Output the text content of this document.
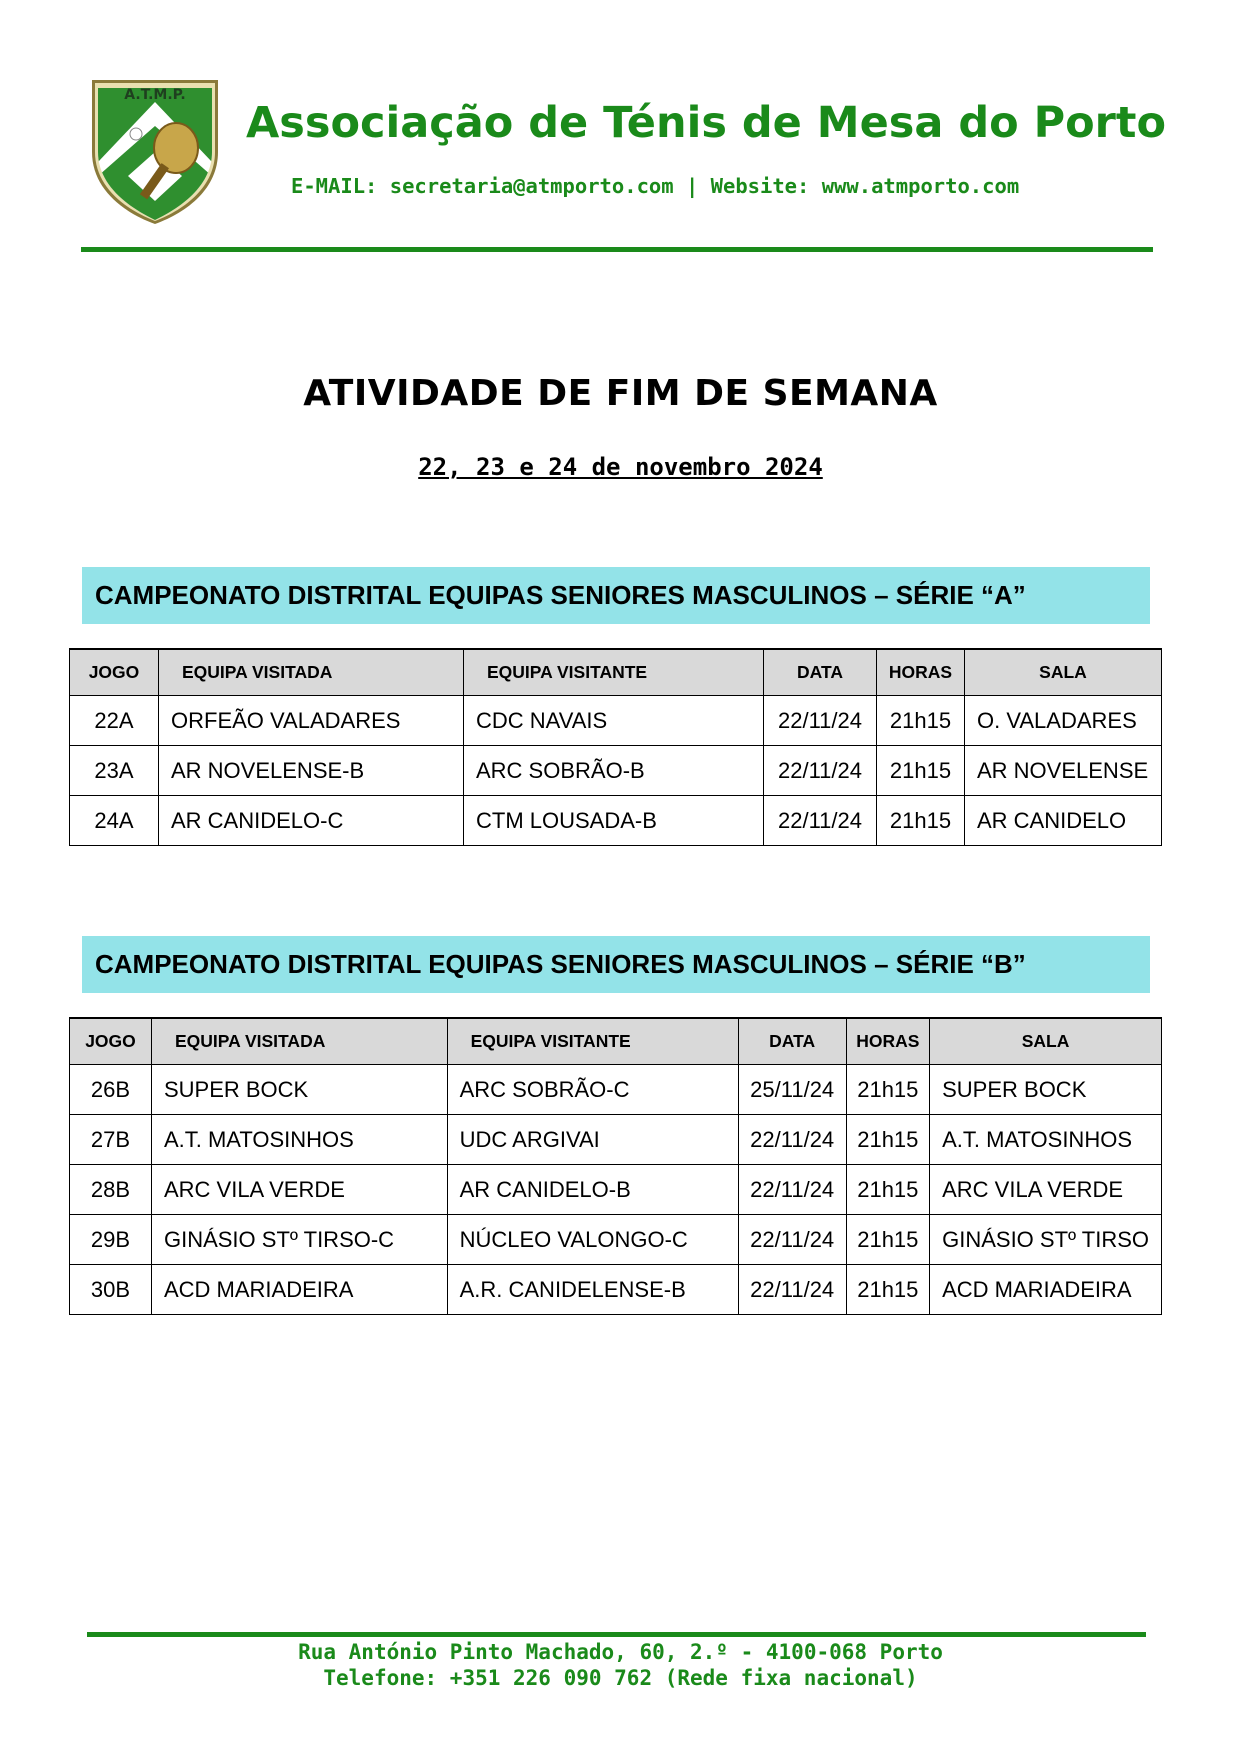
A.T.M.P.
Associação de Ténis de Mesa do Porto
E-MAIL: secretaria@atmporto.com | Website: www.atmporto.com
ATIVIDADE DE FIM DE SEMANA
22, 23 e 24 de novembro 2024
CAMPEONATO DISTRITAL EQUIPAS SENIORES MASCULINOS – SÉRIE “A”
JOGO	EQUIPA VISITADA	EQUIPA VISITANTE	DATA	HORAS	SALA
22A	ORFEÃO VALADARES	CDC NAVAIS	22/11/24	21h15	O. VALADARES
23A	AR NOVELENSE-B	ARC SOBRÃO-B	22/11/24	21h15	AR NOVELENSE
24A	AR CANIDELO-C	CTM LOUSADA-B	22/11/24	21h15	AR CANIDELO
CAMPEONATO DISTRITAL EQUIPAS SENIORES MASCULINOS – SÉRIE “B”
JOGO	EQUIPA VISITADA	EQUIPA VISITANTE	DATA	HORAS	SALA
26B	SUPER BOCK	ARC SOBRÃO-C	25/11/24	21h15	SUPER BOCK
27B	A.T. MATOSINHOS	UDC ARGIVAI	22/11/24	21h15	A.T. MATOSINHOS
28B	ARC VILA VERDE	AR CANIDELO-B	22/11/24	21h15	ARC VILA VERDE
29B	GINÁSIO STº TIRSO-C	NÚCLEO VALONGO-C	22/11/24	21h15	GINÁSIO STº TIRSO
30B	ACD MARIADEIRA	A.R. CANIDELENSE-B	22/11/24	21h15	ACD MARIADEIRA
Rua António Pinto Machado, 60, 2.º - 4100-068 Porto
Telefone: +351 226 090 762 (Rede fixa nacional)
